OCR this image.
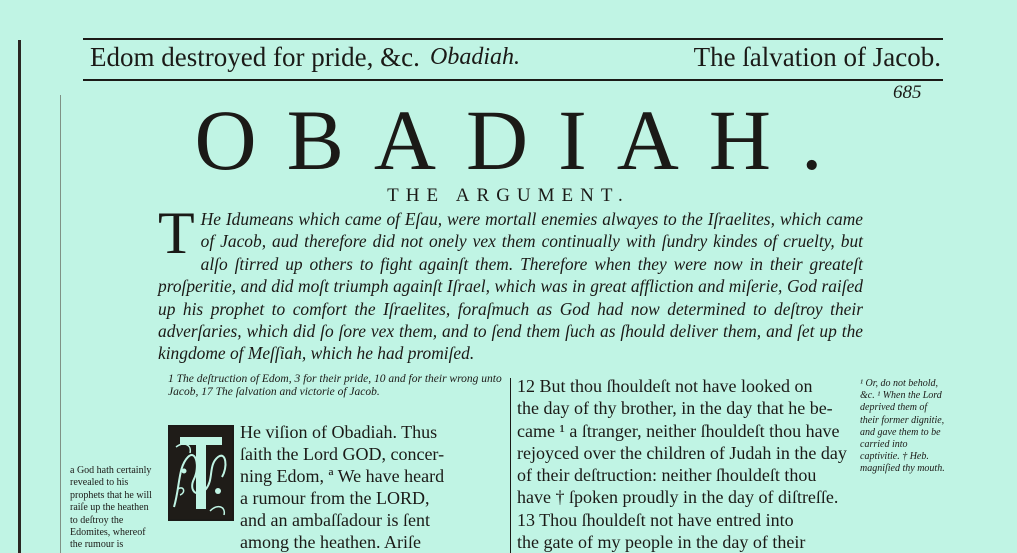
Edom destroyed for pride, &c. Obadiah.	The ſalvation of Jacob.
685
OBADIAH.
THE ARGUMENT.
T He Idumeans which came of Eſau, were mortall enemies alwayes to the Iſraelites, which came of Jacob, aud therefore did not onely vex them continually with ſundry kindes of cruelty, but alſo ſtirred up others to fight againſt them. Therefore when they were now in their greateſt proſperitie, and did moſt triumph againſt Iſrael, which was in great affliction and miſerie, God raiſed up his prophet to comfort the Iſraelites, foraſmuch as God had now determined to deſtroy their adverſaries, which did ſo ſore vex them, and to ſend them ſuch as ſhould deliver them, and ſet up the kingdome of Meſſiah, which he had promiſed.
1 The deſtruction of Edom, 3 for their pride, 10 and for their wrong unto Jacob, 17 The ſalvation and victorie of Jacob.
He viſion of Obadiah. Thus
ſaith the Lord GOD, concer-
ning Edom, ª We have heard
a rumour from the LORD,
and an ambaſſadour is ſent
among the heathen. Ariſe
12 But thou ſhouldeſt not have looked on
the day of thy brother, in the day that he be-
came ¹ a ſtranger, neither ſhouldeſt thou have
rejoyced over the children of Judah in the day
of their deſtruction: neither ſhouldeſt thou
have † ſpoken proudly in the day of diſtreſſe.
13 Thou ſhouldeſt not have entred into
the gate of my people in the day of their
a God hath certainly revealed to his prophets that he will raiſe up the heathen to deſtroy the Edomites, whereof the rumour is
¹ Or, do not behold, &c. ¹ When the Lord deprived them of their former dignitie, and gave them to be carried into captivitie. † Heb. magniſied thy mouth.
